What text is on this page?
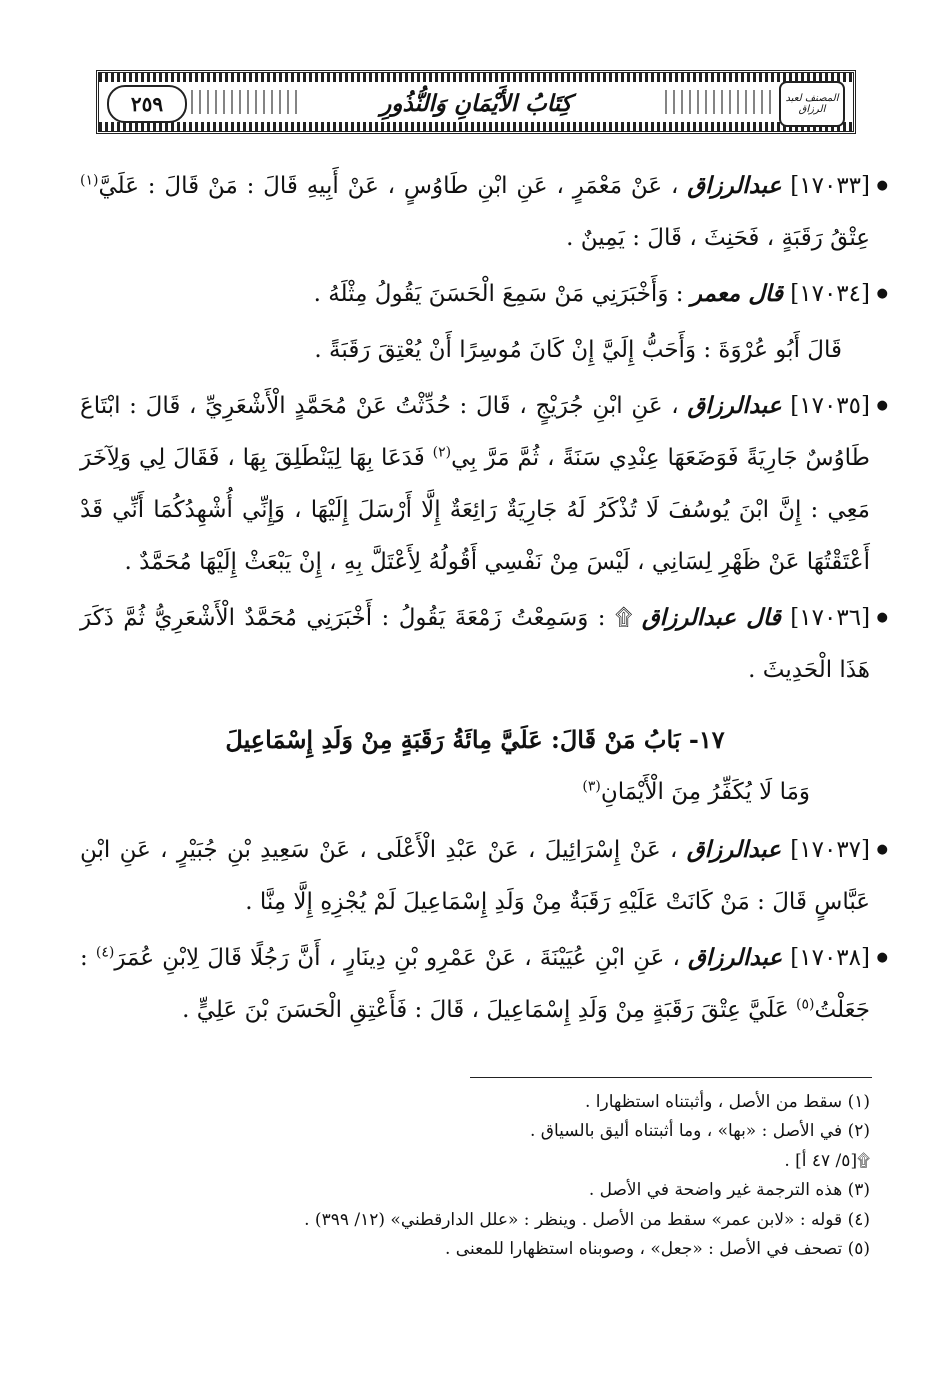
٢٥٩	كِتَابُ الأَيْمَانِ وَالنُّذُورِ	المصنف لعبد الرزاق

● [١٧٠٣٣] عبدالرزاق ، عَنْ مَعْمَرٍ ، عَنِ ابْنِ طَاوُسٍ ، عَنْ أَبِيهِ قَالَ : مَنْ قَالَ : عَلَيَّ$^{(١)}$ عِتْقُ رَقَبَةٍ ، فَحَنِثَ ، قَالَ : يَمِينٌ .

● [١٧٠٣٤] قال معمر : وَأَخْبَرَنِي مَنْ سَمِعَ الْحَسَنَ يَقُولُ مِثْلَهُ .

قَالَ أَبُو عُرْوَةَ : وَأَحَبُّ إِلَيَّ إِنْ كَانَ مُوسِرًا أَنْ يُعْتِقَ رَقَبَةً .

● [١٧٠٣٥] عبدالرزاق ، عَنِ ابْنِ جُرَيْجٍ ، قَالَ : حُدِّثْتُ عَنْ مُحَمَّدٍ الْأَشْعَرِيِّ ، قَالَ : ابْتَاعَ طَاوُسٌ جَارِيَةً فَوَضَعَهَا عِنْدِي سَنَةً ، ثُمَّ مَرَّ بِي$^{(٢)}$ فَدَعَا بِهَا لِيَنْطَلِقَ بِهَا ، فَقَالَ لِي وَلِآخَرَ مَعِي : إِنَّ ابْنَ يُوسُفَ لَا تُذْكَرُ لَهُ جَارِيَةٌ رَائِعَةٌ إِلَّا أَرْسَلَ إِلَيْهَا ، وَإِنِّي أُشْهِدُكُمَا أَنِّي قَدْ أَعْتَقْتُهَا عَنْ ظَهْرِ لِسَانِي ، لَيْسَ مِنْ نَفْسِي أَقُولُهُ لِأَعْتَلَّ بِهِ ، إِنْ يَبْعَثْ إِلَيْهَا مُحَمَّدٌ .

● [١٧٠٣٦] قال عبدالرزاق ۩ : وَسَمِعْتُ زَمْعَةَ يَقُولُ : أَخْبَرَنِي مُحَمَّدٌ الْأَشْعَرِيُّ ثُمَّ ذَكَرَ هَذَا الْحَدِيثَ .

١٧- بَابُ مَنْ قَالَ: عَلَيَّ مِائَةُ رَقَبَةٍ مِنْ وَلَدِ إِسْمَاعِيلَ

وَمَا لَا يُكَفِّرُ مِنَ الْأَيْمَانِ$^{(٣)}$

● [١٧٠٣٧] عبدالرزاق ، عَنْ إِسْرَائِيلَ ، عَنْ عَبْدِ الْأَعْلَى ، عَنْ سَعِيدِ بْنِ جُبَيْرٍ ، عَنِ ابْنِ عَبَّاسٍ قَالَ : مَنْ كَانَتْ عَلَيْهِ رَقَبَةٌ مِنْ وَلَدِ إِسْمَاعِيلَ لَمْ يُجْزِهِ إِلَّا مِنَّا .

● [١٧٠٣٨] عبدالرزاق ، عَنِ ابْنِ عُيَيْنَةَ ، عَنْ عَمْرِو بْنِ دِينَارٍ ، أَنَّ رَجُلًا قَالَ لِابْنِ عُمَرَ$^{(٤)}$ : جَعَلْتُ$^{(٥)}$ عَلَيَّ عِتْقَ رَقَبَةٍ مِنْ وَلَدِ إِسْمَاعِيلَ ، قَالَ : فَأَعْتِقِ الْحَسَنَ بْنَ عَلِيٍّ .

(١) سقط من الأصل ، وأثبتناه استظهارا .

(٢) في الأصل : «بها» ، وما أثبتناه أليق بالسياق .

۩[٥/ ٤٧ أ] .

(٣) هذه الترجمة غير واضحة في الأصل .

(٤) قوله : «لابن عمر» سقط من الأصل . وينظر : «علل الدارقطني» (١٢/ ٣٩٩) .

(٥) تصحف في الأصل : «جعل» ، وصوبناه استظهارا للمعنى .
